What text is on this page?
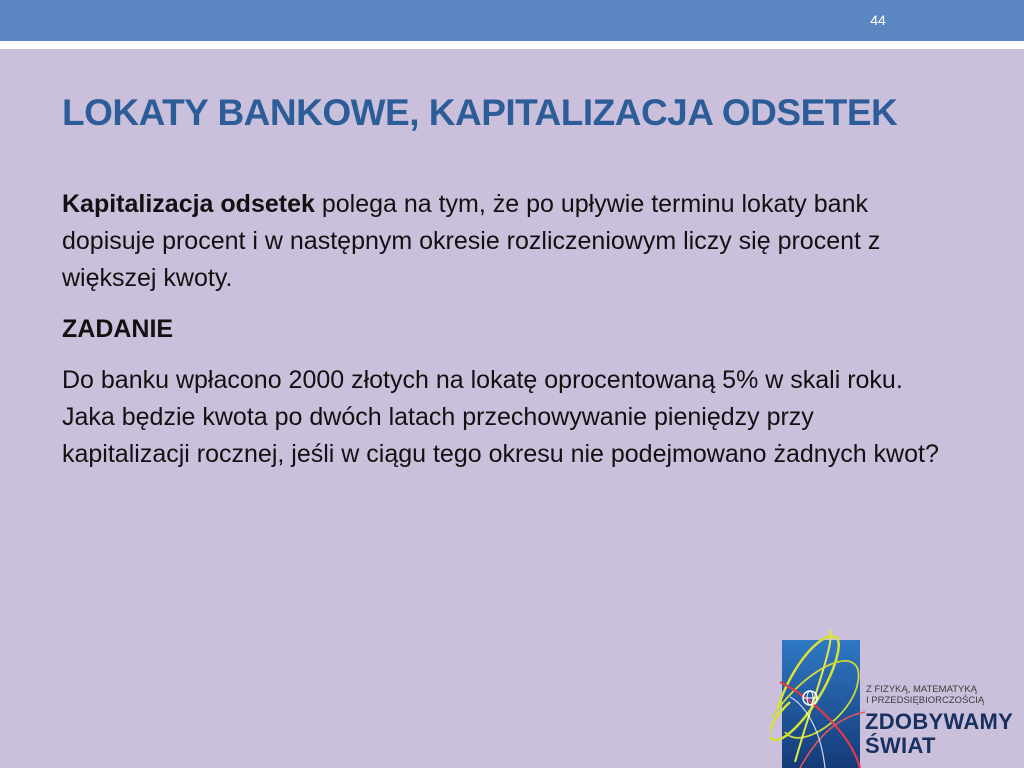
44
LOKATY BANKOWE, KAPITALIZACJA ODSETEK

Kapitalizacja odsetek polega na tym, że po upływie terminu lokaty bank dopisuje procent i w następnym okresie rozliczeniowym liczy się procent z większej kwoty.

ZADANIE

Do banku wpłacono 2000 złotych na lokatę oprocentowaną 5% w skali roku. Jaka będzie kwota po dwóch latach przechowywanie pieniędzy przy kapitalizacji rocznej, jeśli w ciągu tego okresu nie podejmowano żadnych kwot?

Z FIZYKĄ, MATEMATYKĄ
I PRZEDSIĘBIORCZOŚCIĄ
ZDOBYWAMY
ŚWIAT
